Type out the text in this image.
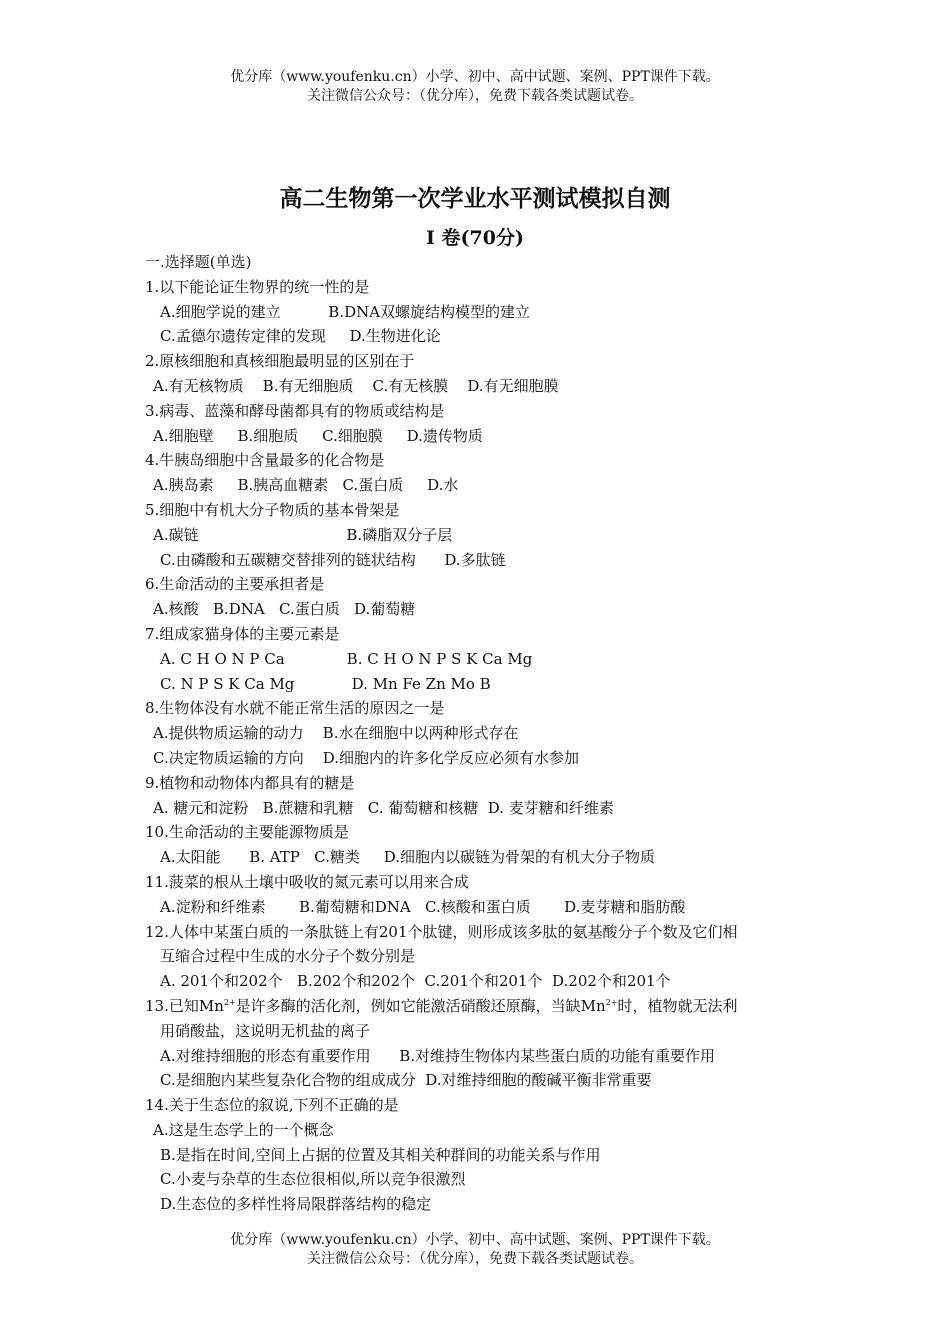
优分库（www.youfenku.cn）小学、初中、高中试题、案例、PPT课件下载。
关注微信公众号：（优分库），免费下载各类试题试卷。
高二生物第一次学业水平测试模拟自测
Ⅰ 卷(70分)
一.选择题(单选)
1.以下能论证生物界的统一性的是
A.细胞学说的建立          B.DNA双螺旋结构模型的建立
C.孟德尔遗传定律的发现     D.生物进化论
2.原核细胞和真核细胞最明显的区别在于
A.有无核物质    B.有无细胞质    C.有无核膜    D.有无细胞膜
3.病毒、蓝藻和酵母菌都具有的物质或结构是
A.细胞壁     B.细胞质     C.细胞膜     D.遗传物质
4.牛胰岛细胞中含量最多的化合物是
A.胰岛素     B.胰高血糖素   C.蛋白质     D.水
5.细胞中有机大分子物质的基本骨架是
A.碳链                               B.磷脂双分子层
C.由磷酸和五碳糖交替排列的链状结构      D.多肽链
6.生命活动的主要承担者是
A.核酸   B.DNA   C.蛋白质   D.葡萄糖
7.组成家猫身体的主要元素是
A. C H O N P Ca             B. C H O N P S K Ca Mg
C. N P S K Ca Mg            D. Mn Fe Zn Mo B
8.生物体没有水就不能正常生活的原因之一是
A.提供物质运输的动力    B.水在细胞中以两种形式存在
C.决定物质运输的方向    D.细胞内的许多化学反应必须有水参加
9.植物和动物体内都具有的糖是
A. 糖元和淀粉   B.蔗糖和乳糖   C. 葡萄糖和核糖  D. 麦芽糖和纤维素
10.生命活动的主要能源物质是
A.太阳能      B. ATP   C.糖类     D.细胞内以碳链为骨架的有机大分子物质
11.菠菜的根从土壤中吸收的氮元素可以用来合成
A.淀粉和纤维素       B.葡萄糖和DNA   C.核酸和蛋白质       D.麦芽糖和脂肪酸
12.人体中某蛋白质的一条肽链上有201个肽键，则形成该多肽的氨基酸分子个数及它们相
互缩合过程中生成的水分子个数分别是
A. 201个和202个   B.202个和202个  C.201个和201个  D.202个和201个
13.已知$Mn^{2+}$是许多酶的活化剂，例如它能激活硝酸还原酶，当缺$Mn^{2+}$时，植物就无法利
用硝酸盐，这说明无机盐的离子
A.对维持细胞的形态有重要作用      B.对维持生物体内某些蛋白质的功能有重要作用
C.是细胞内某些复杂化合物的组成成分  D.对维持细胞的酸碱平衡非常重要
14.关于生态位的叙说,下列不正确的是
A.这是生态学上的一个概念
B.是指在时间,空间上占据的位置及其相关种群间的功能关系与作用
C.小麦与杂草的生态位很相似,所以竞争很激烈
D.生态位的多样性将局限群落结构的稳定
优分库（www.youfenku.cn）小学、初中、高中试题、案例、PPT课件下载。
关注微信公众号：（优分库），免费下载各类试题试卷。
